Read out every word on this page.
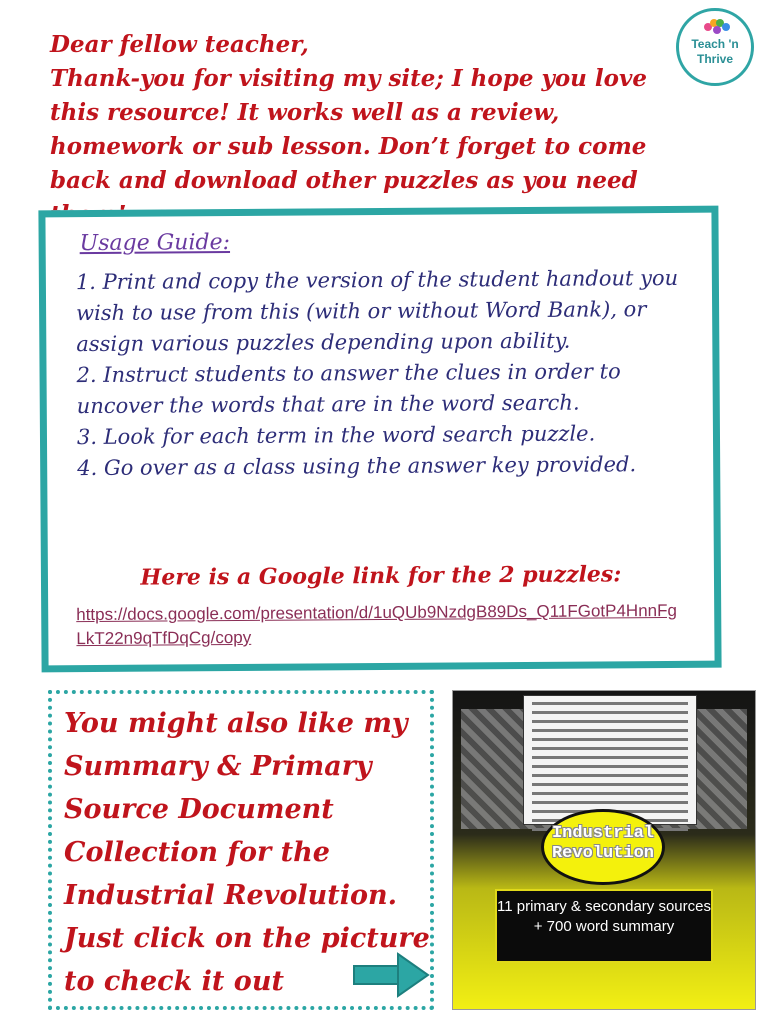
Dear fellow teacher,
Thank-you for visiting my site; I hope you love this resource! It works well as a review, homework or sub lesson. Don’t forget to come back and download other puzzles as you need
Teach 'n
Thrive
Usage Guide:
1. Print and copy the version of the student handout you wish to use from this (with or without Word Bank), or assign various puzzles depending upon ability.
2. Instruct students to answer the clues in order to uncover the words that are in the word search.
3. Look for each term in the word search puzzle.
4. Go over as a class using the answer key provided.
Here is a Google link for the 2 puzzles:
https://docs.google.com/presentation/d/1uQUb9NzdgB89Ds_Q11FGotP4HnnFgLkT22n9qTfDqCg/copy
You might also like my Summary & Primary Source Document Collection for the Industrial Revolution. Just click on the picture to check it out
Industrial
Revolution
11 primary & secondary sources + 700 word summary
